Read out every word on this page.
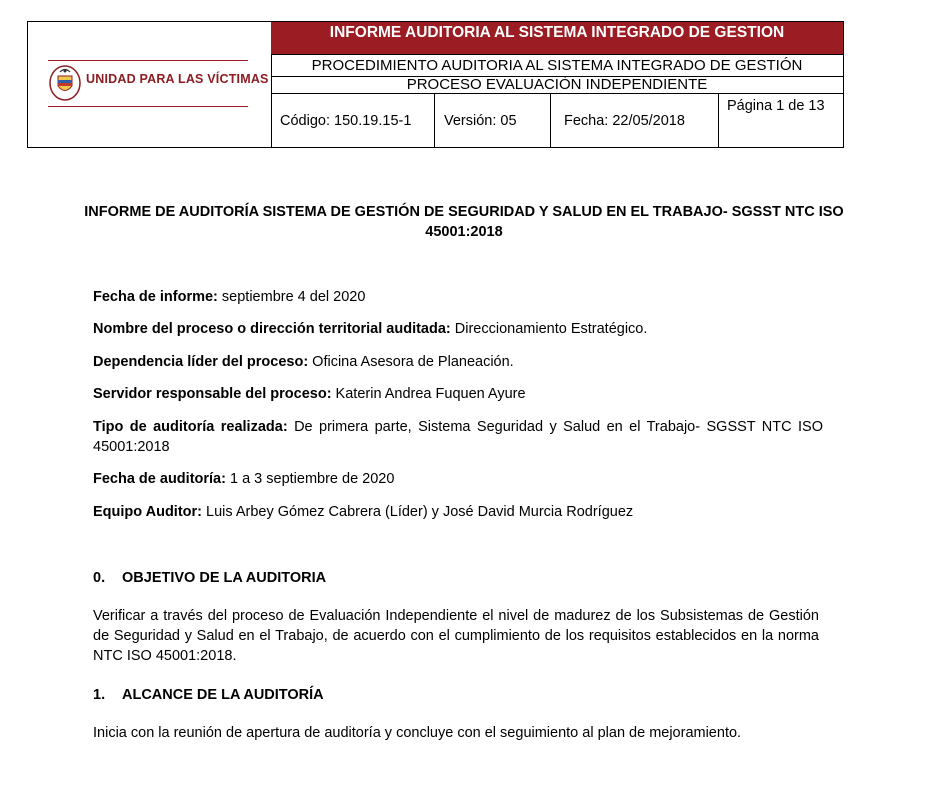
UNIDAD PARA LAS VÍCTIMAS
INFORME AUDITORIA AL SISTEMA INTEGRADO DE GESTION
PROCEDIMIENTO AUDITORIA AL SISTEMA INTEGRADO DE GESTIÓN
PROCESO EVALUACIÒN INDEPENDIENTE
Código: 150.19.15-1 Versión: 05	Fecha: 22/05/2018
Página 1 de 13
INFORME DE AUDITORÍA SISTEMA DE GESTIÓN DE SEGURIDAD Y SALUD EN EL TRABAJO- SGSST NTC ISO 45001:2018
Fecha de informe: septiembre 4 del 2020
Nombre del proceso o dirección territorial auditada: Direccionamiento Estratégico.
Dependencia líder del proceso: Oficina Asesora de Planeación.
Servidor responsable del proceso: Katerin Andrea Fuquen Ayure
Tipo de auditoría realizada: De primera parte, Sistema Seguridad y Salud en el Trabajo- SGSST NTC ISO 45001:2018
Fecha de auditoría: 1 a 3 septiembre de 2020
Equipo Auditor: Luis Arbey Gómez Cabrera (Líder) y José David Murcia Rodríguez
0. OBJETIVO DE LA AUDITORIA
Verificar a través del proceso de Evaluación Independiente el nivel de madurez de los Subsistemas de Gestión de Seguridad y Salud en el Trabajo, de acuerdo con el cumplimiento de los requisitos establecidos en la norma NTC ISO 45001:2018.
1. ALCANCE DE LA AUDITORÍA
Inicia con la reunión de apertura de auditoría y concluye con el seguimiento al plan de mejoramiento.
